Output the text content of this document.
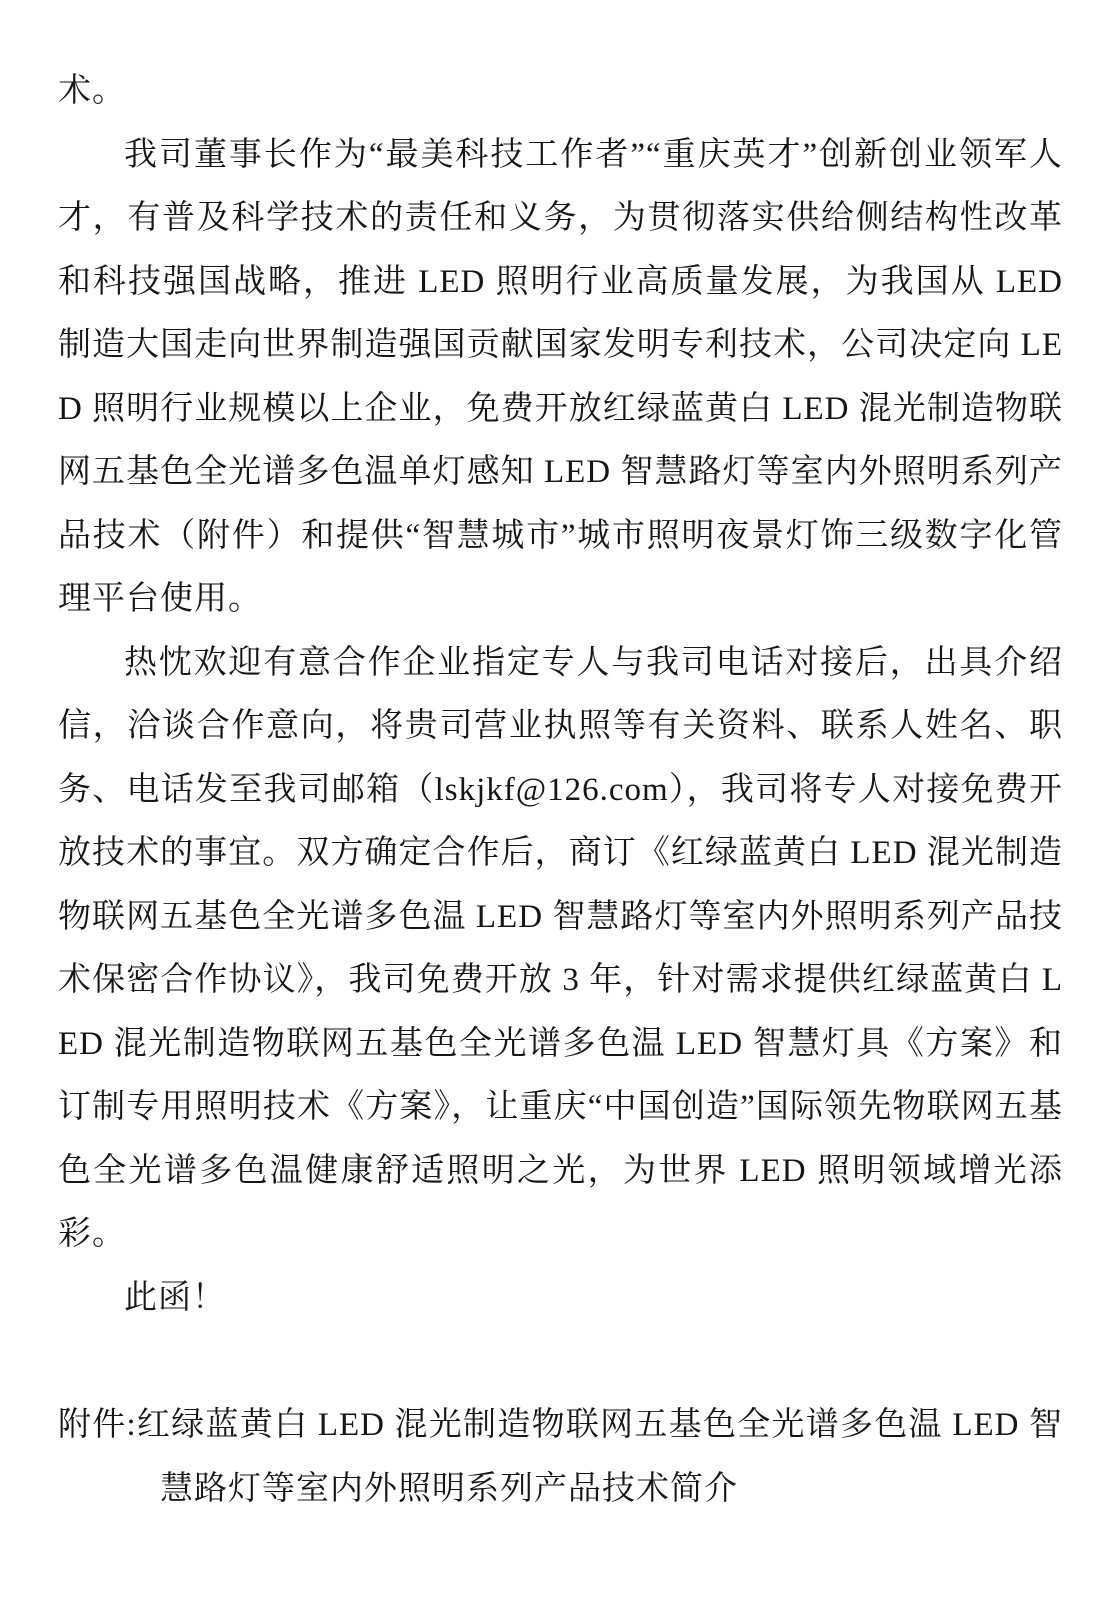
术。

我司董事长作为“最美科技工作者”“重庆英才”创新创业领军人才，有普及科学技术的责任和义务，为贯彻落实供给侧结构性改革和科技强国战略，推进 LED 照明行业高质量发展，为我国从 LED 制造大国走向世界制造强国贡献国家发明专利技术，公司决定向 LED 照明行业规模以上企业，免费开放红绿蓝黄白 LED 混光制造物联网五基色全光谱多色温单灯感知 LED 智慧路灯等室内外照明系列产品技术（附件）和提供“智慧城市”城市照明夜景灯饰三级数字化管理平台使用。

热忱欢迎有意合作企业指定专人与我司电话对接后，出具介绍信，洽谈合作意向，将贵司营业执照等有关资料、联系人姓名、职务、电话发至我司邮箱（lskjkf@126.com），我司将专人对接免费开放技术的事宜。双方确定合作后，商订《红绿蓝黄白 LED 混光制造物联网五基色全光谱多色温 LED 智慧路灯等室内外照明系列产品技术保密合作协议》，我司免费开放 3 年，针对需求提供红绿蓝黄白 LED 混光制造物联网五基色全光谱多色温 LED 智慧灯具《方案》和订制专用照明技术《方案》，让重庆“中国创造”国际领先物联网五基色全光谱多色温健康舒适照明之光，为世界 LED 照明领域增光添彩。

此函！

附件:红绿蓝黄白 LED 混光制造物联网五基色全光谱多色温 LED 智慧路灯等室内外照明系列产品技术简介
